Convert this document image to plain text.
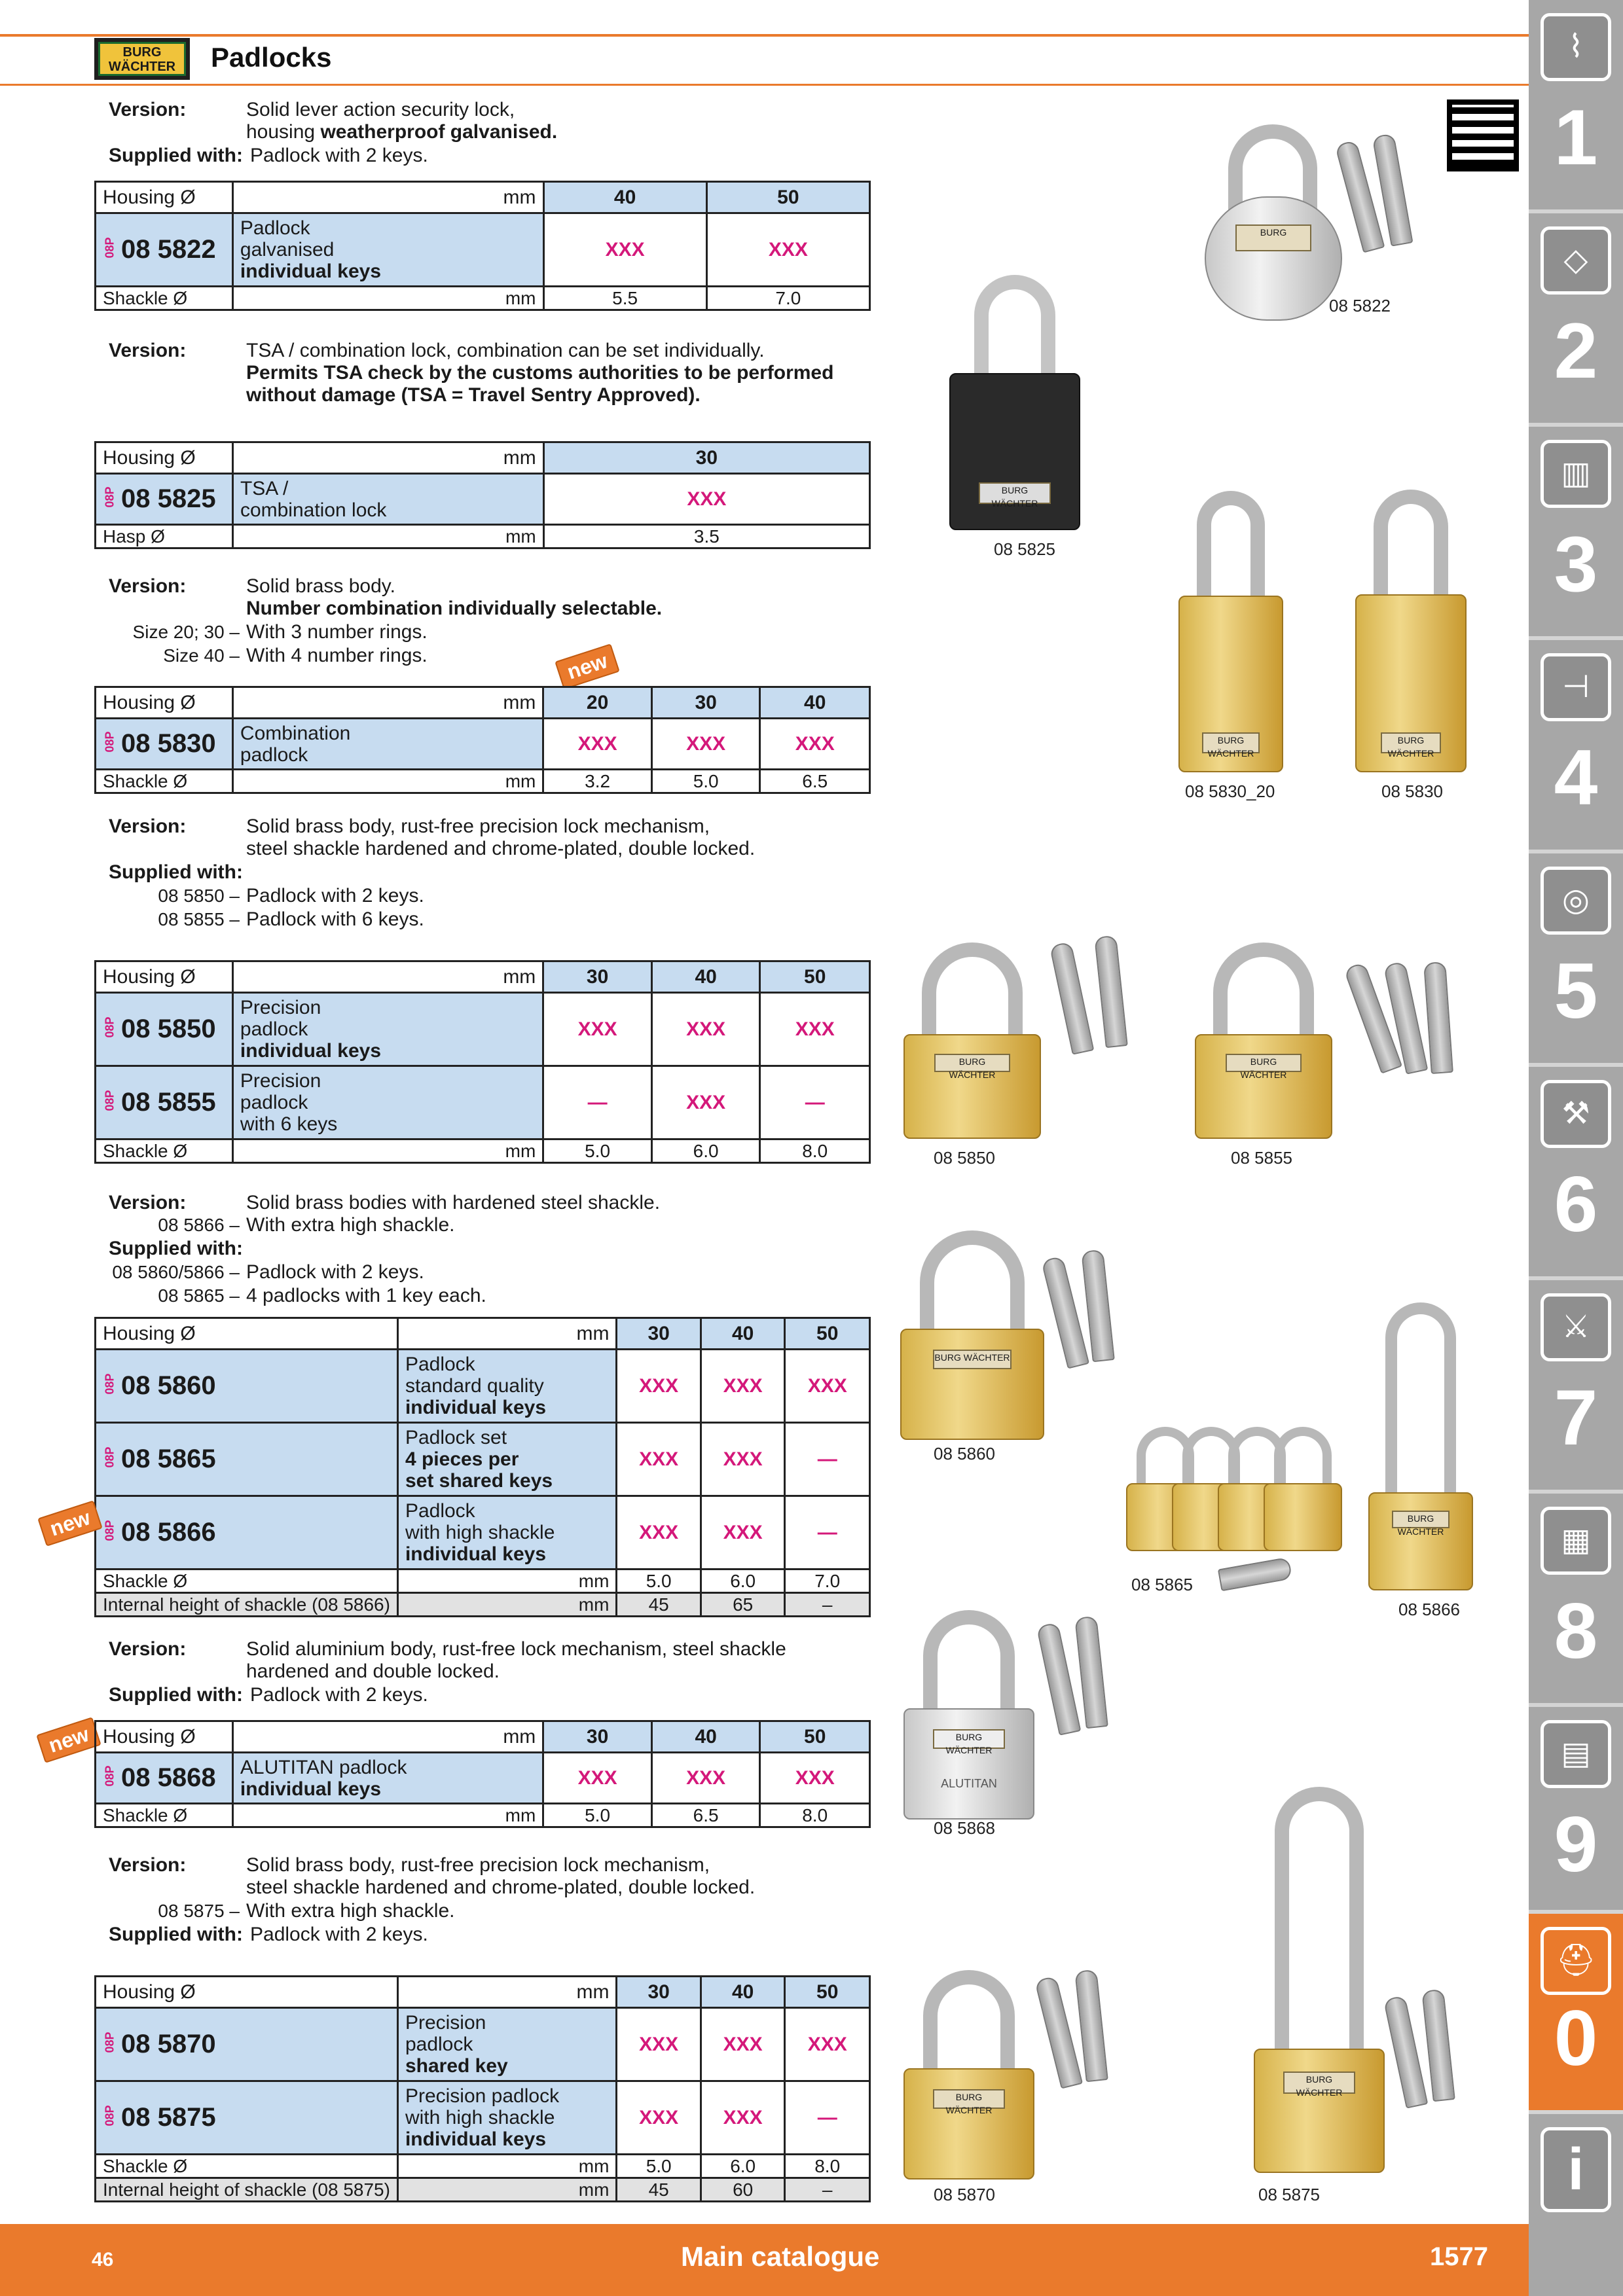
BURG WÄCHTER	Padlocks	⌇
1
◇
2
▥
3
⊣
4
◎
5
⚒
6
⚔
7
▦
8
▤
9
⛑
0
i
Version:	Solid lever action security lock,
housing weatherproof galvanised.
Supplied with: Padlock with 2 keys.
Housing Ø	mm	40	50
08P 08 5822	Padlock
galvanised
individual keys	XXX	XXX
Shackle Ø	mm	5.5	7.0
Version:	TSA / combination lock, combination can be set individually.
Permits TSA check by the customs authorities to be performed
without damage (TSA = Travel Sentry Approved).
Housing Ø	mm	30
08P 08 5825	TSA /
combination lock	XXX
Hasp Ø	mm	3.5
Version:	Solid brass body.
Number combination individually selectable.
Size 20; 30 – With 3 number rings.
Size 40 – With 4 number rings.	new
Housing Ø	mm	20	30	40
08P 08 5830	Combination
padlock	XXX	XXX	XXX
Shackle Ø	mm	3.2	5.0	6.5
Version:	Solid brass body, rust-free precision lock mechanism,
steel shackle hardened and chrome-plated, double locked.
Supplied with:
08 5850 – Padlock with 2 keys.
08 5855 – Padlock with 6 keys.
Housing Ø	mm	30	40	50
08P 08 5850	Precision
padlock
individual keys	XXX	XXX	XXX
08P 08 5855	Precision
padlock
with 6 keys	—	XXX	—
Shackle Ø	mm	5.0	6.0	8.0
Version:	Solid brass bodies with hardened steel shackle.
08 5866 – With extra high shackle.
Supplied with:
08 5860/5866 – Padlock with 2 keys.
08 5865 – 4 padlocks with 1 key each.
Housing Ø	mm	30	40	50
08P 08 5860	Padlock
standard quality
individual keys	XXX	XXX	XXX
08P 08 5865	Padlock set
4 pieces per
set shared keys	XXX	XXX	—
08P 08 5866	Padlock
with high shackle
individual keys	XXX	XXX	—
Shackle Ø	mm	5.0	6.0	7.0
Internal height of shackle (08 5866)	mm	45	65	–
new
Version:	Solid aluminium body, rust-free lock mechanism, steel shackle
hardened and double locked.
Supplied with: Padlock with 2 keys.
new Housing Ø	mm	30	40	50
08P 08 5868	ALUTITAN padlock
individual keys	XXX	XXX	XXX
Shackle Ø	mm	5.0	6.5	8.0
Version:	Solid brass body, rust-free precision lock mechanism,
steel shackle hardened and chrome-plated, double locked.
08 5875 – With extra high shackle.
Supplied with: Padlock with 2 keys.
Housing Ø	mm	30	40	50
08P 08 5870	Precision
padlock
shared key	XXX	XXX	XXX
08P 08 5875	Precision padlock
with high shackle
individual keys	XXX	XXX	—
Shackle Ø	mm	5.0	6.0	8.0
Internal height of shackle (08 5875)	mm	45	60	–
BURG
08 5822
BURG WÄCHTER
08 5825
BURG WÄCHTER
BURG WÄCHTER
08 5830_20	08 5830
BURG WÄCHTER
08 5850
BURG WÄCHTER
08 5855
BURG WÄCHTER
08 5860
08 5865
BURG WÄCHTER
08 5866
BURG WÄCHTER
ALUTITAN
08 5868
BURG WÄCHTER
08 5870
BURG WÄCHTER
08 5875
46	Main catalogue	1577
